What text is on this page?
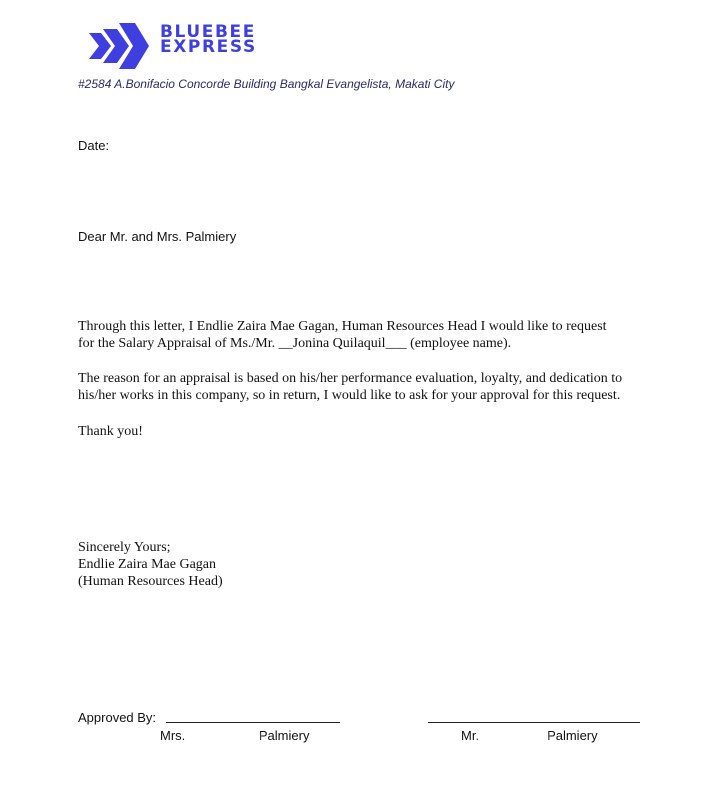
BLUEBEE
EXPRESS
#2584 A.Bonifacio Concorde Building Bangkal Evangelista, Makati City
Date:
Dear Mr. and Mrs. Palmiery
Through this letter, I Endlie Zaira Mae Gagan, Human Resources Head I would like to request
for the Salary Appraisal of Ms./Mr. __Jonina Quilaquil___ (employee name).
The reason for an appraisal is based on his/her performance evaluation, loyalty, and dedication to
his/her works in this company, so in return, I would like to ask for your approval for this request.
Thank you!
Sincerely Yours;
Endlie Zaira Mae Gagan
(Human Resources Head)
Approved By:
Mrs.	Palmiery	Mr.	Palmiery
